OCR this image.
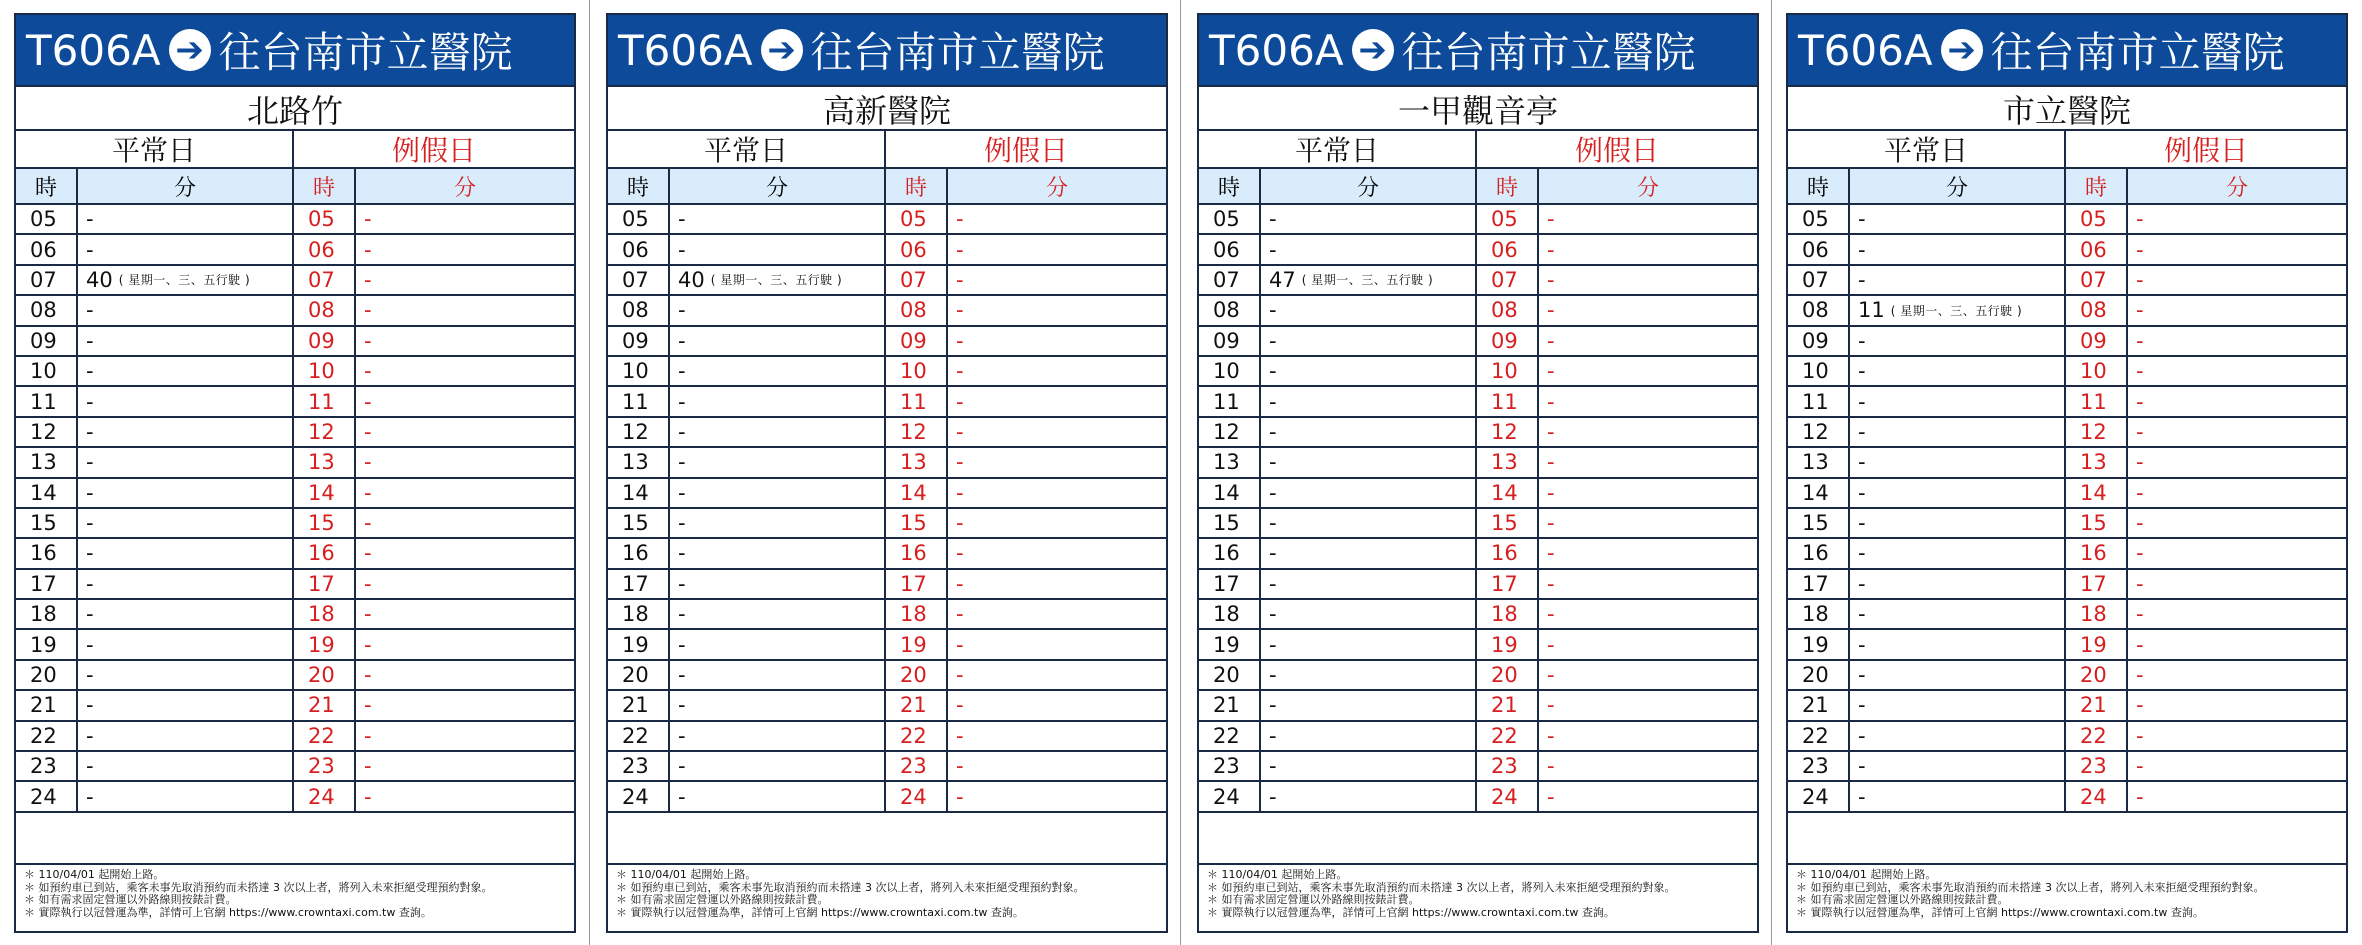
T606A ➔ 往台南市立醫院
北路竹
平常日	例假日
時	分	時	分
05	-	05	-
06	-	06	-
07	40 ( 星期一、三、五行駛 )	07	-
08	-	08	-
09	-	09	-
10	-	10	-
11	-	11	-
12	-	12	-
13	-	13	-
14	-	14	-
15	-	15	-
16	-	16	-
17	-	17	-
18	-	18	-
19	-	19	-
20	-	20	-
21	-	21	-
22	-	22	-
23	-	23	-
24	-	24	-

＊ 110/04/01 起開始上路。

＊ 如預約車已到站，乘客未事先取消預約而未搭達 3 次以上者，將列入未來拒絕受理預約對象。

＊ 如有需求固定營運以外路線則按錶計費。

＊ 實際執行以冠營運為準，詳情可上官網 https://www.crowntaxi.com.tw 查詢。

T606A ➔ 往台南市立醫院
高新醫院
平常日	例假日
時	分	時	分
05	-	05	-
06	-	06	-
07	40 ( 星期一、三、五行駛 )	07	-
08	-	08	-
09	-	09	-
10	-	10	-
11	-	11	-
12	-	12	-
13	-	13	-
14	-	14	-
15	-	15	-
16	-	16	-
17	-	17	-
18	-	18	-
19	-	19	-
20	-	20	-
21	-	21	-
22	-	22	-
23	-	23	-
24	-	24	-

＊ 110/04/01 起開始上路。

＊ 如預約車已到站，乘客未事先取消預約而未搭達 3 次以上者，將列入未來拒絕受理預約對象。

＊ 如有需求固定營運以外路線則按錶計費。

＊ 實際執行以冠營運為準，詳情可上官網 https://www.crowntaxi.com.tw 查詢。

T606A ➔ 往台南市立醫院
一甲觀音亭
平常日	例假日
時	分	時	分
05	-	05	-
06	-	06	-
07	47 ( 星期一、三、五行駛 )	07	-
08	-	08	-
09	-	09	-
10	-	10	-
11	-	11	-
12	-	12	-
13	-	13	-
14	-	14	-
15	-	15	-
16	-	16	-
17	-	17	-
18	-	18	-
19	-	19	-
20	-	20	-
21	-	21	-
22	-	22	-
23	-	23	-
24	-	24	-

＊ 110/04/01 起開始上路。

＊ 如預約車已到站，乘客未事先取消預約而未搭達 3 次以上者，將列入未來拒絕受理預約對象。

＊ 如有需求固定營運以外路線則按錶計費。

＊ 實際執行以冠營運為準，詳情可上官網 https://www.crowntaxi.com.tw 查詢。

T606A ➔ 往台南市立醫院
市立醫院
平常日	例假日
時	分	時	分
05	-	05	-
06	-	06	-
07	-	07	-
08	11 ( 星期一、三、五行駛 )	08	-
09	-	09	-
10	-	10	-
11	-	11	-
12	-	12	-
13	-	13	-
14	-	14	-
15	-	15	-
16	-	16	-
17	-	17	-
18	-	18	-
19	-	19	-
20	-	20	-
21	-	21	-
22	-	22	-
23	-	23	-
24	-	24	-

＊ 110/04/01 起開始上路。

＊ 如預約車已到站，乘客未事先取消預約而未搭達 3 次以上者，將列入未來拒絕受理預約對象。

＊ 如有需求固定營運以外路線則按錶計費。

＊ 實際執行以冠營運為準，詳情可上官網 https://www.crowntaxi.com.tw 查詢。
